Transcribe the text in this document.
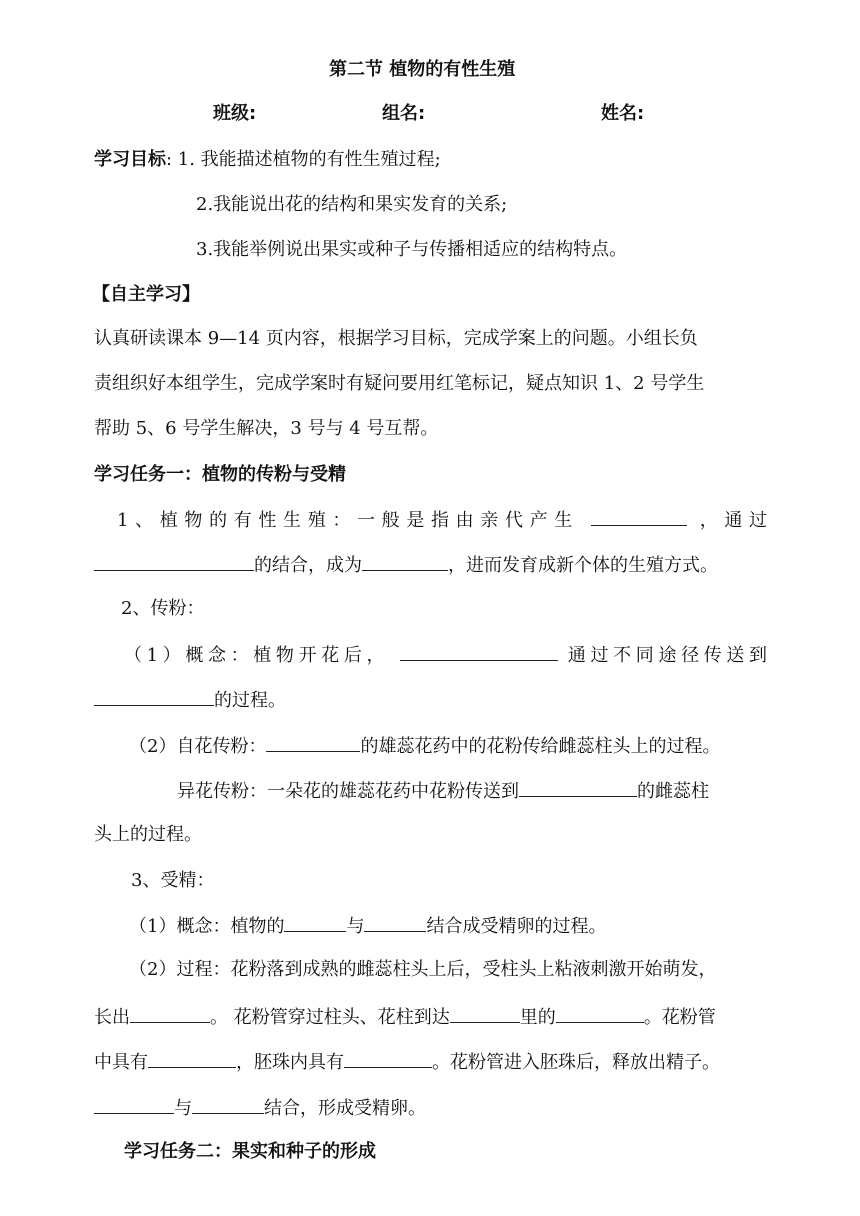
第二节 植物的有性生殖
班级:	组名:	姓名:
学习目标: 1. 我能描述植物的有性生殖过程;
2.我能说出花的结构和果实发育的关系;
3.我能举例说出果实或种子与传播相适应的结构特点。
【自主学习】
认真研读课本 9—14 页内容，根据学习目标，完成学案上的问题。小组长负
责组织好本组学生，完成学案时有疑问要用红笔标记，疑点知识 1、2 号学生
帮助 5、6 号学生解决，3 号与 4 号互帮。
学习任务一：植物的传粉与受精
1、植物的有性生殖：一般是指由亲代产生	，通过
的结合，成为	，进而发育成新个体的生殖方式。
2、传粉：
（1）概念：植物开花后，	通过不同途径传送到
的过程。
（2）自花传粉：	的雄蕊花药中的花粉传给雌蕊柱头上的过程。
异花传粉：一朵花的雄蕊花药中花粉传送到	的雌蕊柱
头上的过程。
3、受精：
（1）概念：植物的	与	结合成受精卵的过程。
（2）过程：花粉落到成熟的雌蕊柱头上后，受柱头上粘液刺激开始萌发，
长出	。 花粉管穿过柱头、花柱到达	里的	。花粉管
中具有	，胚珠内具有	。花粉管进入胚珠后，释放出精子。
与	结合，形成受精卵。
学习任务二：果实和种子的形成
